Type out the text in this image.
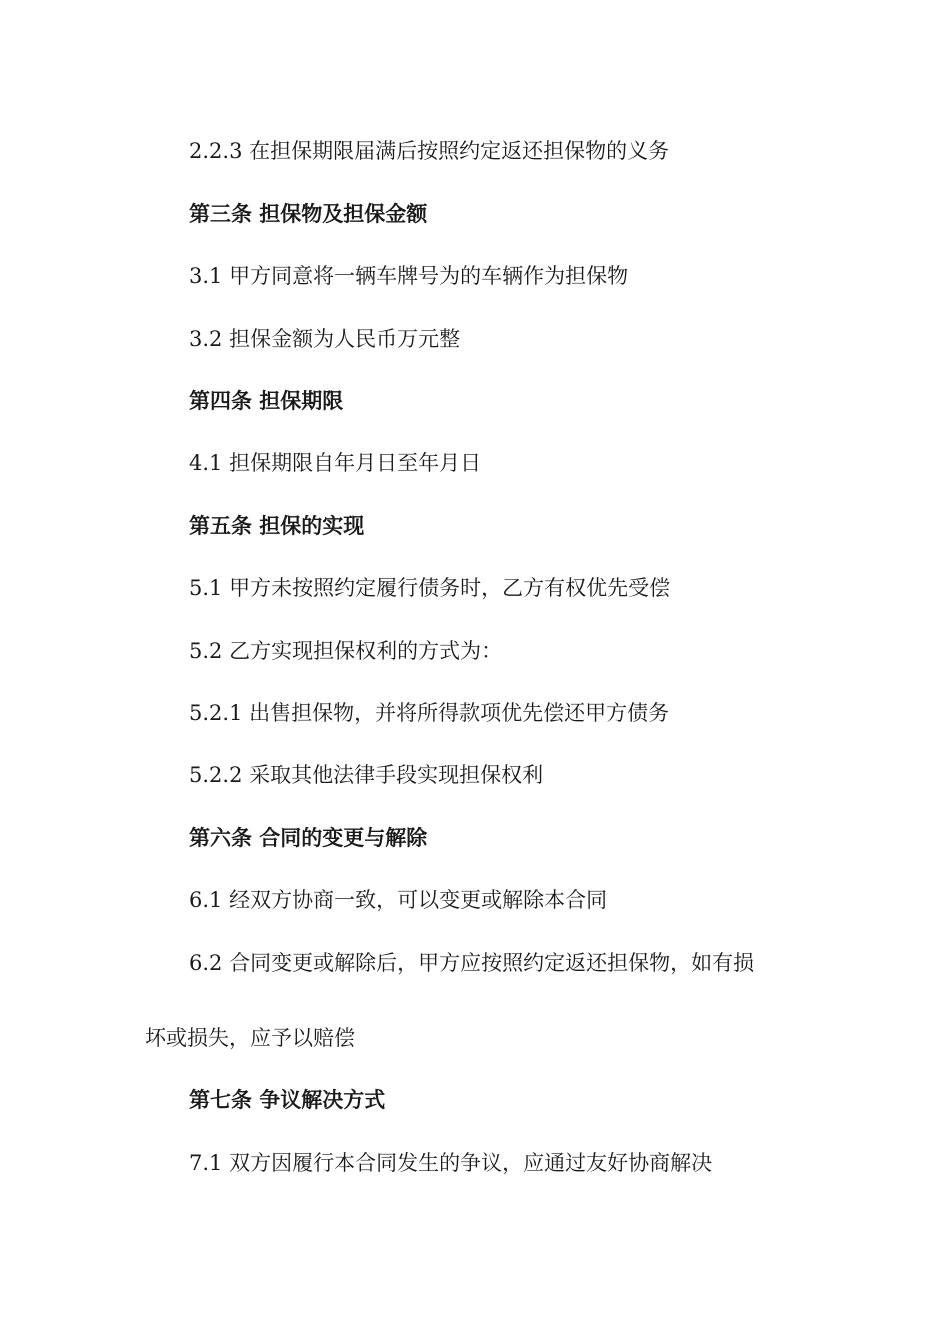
2.2.3 在担保期限届满后按照约定返还担保物的义务
第三条 担保物及担保金额
3.1 甲方同意将一辆车牌号为的车辆作为担保物
3.2 担保金额为人民币万元整
第四条 担保期限
4.1 担保期限自年月日至年月日
第五条 担保的实现
5.1 甲方未按照约定履行债务时，乙方有权优先受偿
5.2 乙方实现担保权利的方式为：
5.2.1 出售担保物，并将所得款项优先偿还甲方债务
5.2.2 采取其他法律手段实现担保权利
第六条 合同的变更与解除
6.1 经双方协商一致，可以变更或解除本合同
6.2 合同变更或解除后，甲方应按照约定返还担保物，如有损
坏或损失，应予以赔偿
第七条 争议解决方式
7.1 双方因履行本合同发生的争议，应通过友好协商解决
